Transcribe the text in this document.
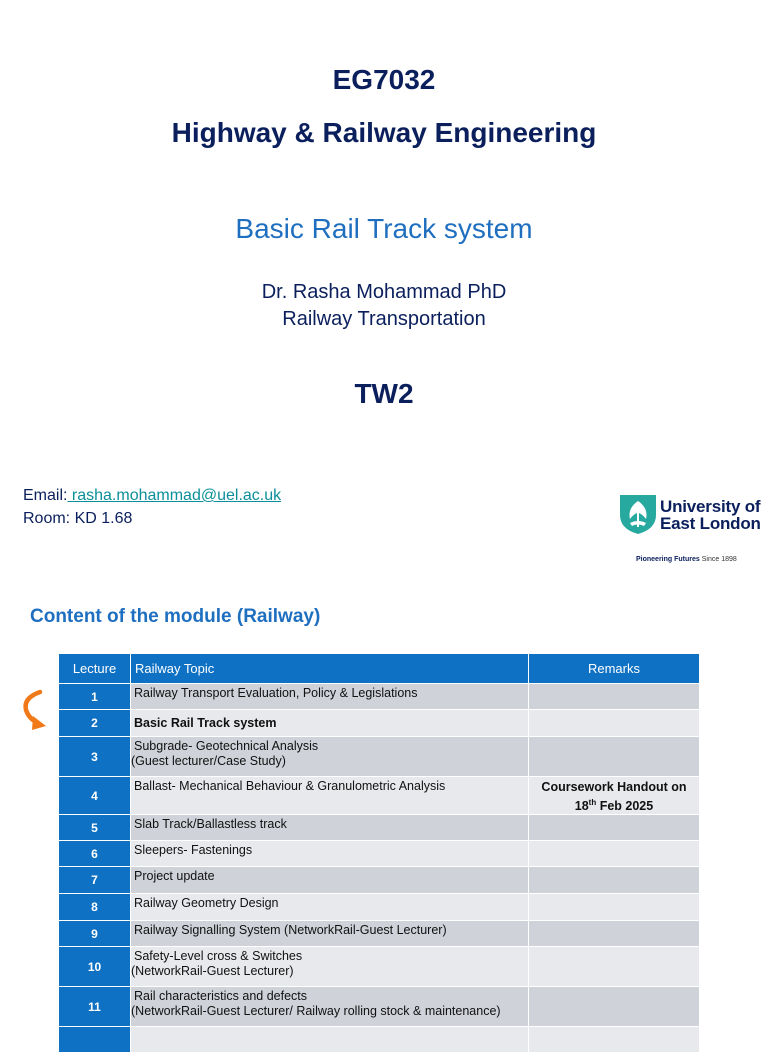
EG7032
Highway & Railway Engineering
Basic Rail Track system
Dr. Rasha Mohammad PhD
Railway Transportation
TW2
Email: rasha.mohammad@uel.ac.uk
Room: KD 1.68
University of
East London
Pioneering Futures Since 1898
Content of the module (Railway)
Lecture	Railway Topic	Remarks
1	Railway Transport Evaluation, Policy & Legislations	

2	Basic Rail Track system	

3	Subgrade- Geotechnical Analysis
(Guest lecturer/Case Study)	

4	Ballast- Mechanical Behaviour & Granulometric Analysis	Coursework Handout on
18th Feb 2025

5	Slab Track/Ballastless track	

6	Sleepers- Fastenings	

7	Project update	

8	Railway Geometry Design	

9	Railway Signalling System (NetworkRail-Guest Lecturer)	

10	Safety-Level cross & Switches
(NetworkRail-Guest Lecturer)	

11	Rail characteristics and defects
(NetworkRail-Guest Lecturer/ Railway rolling stock & maintenance)	
